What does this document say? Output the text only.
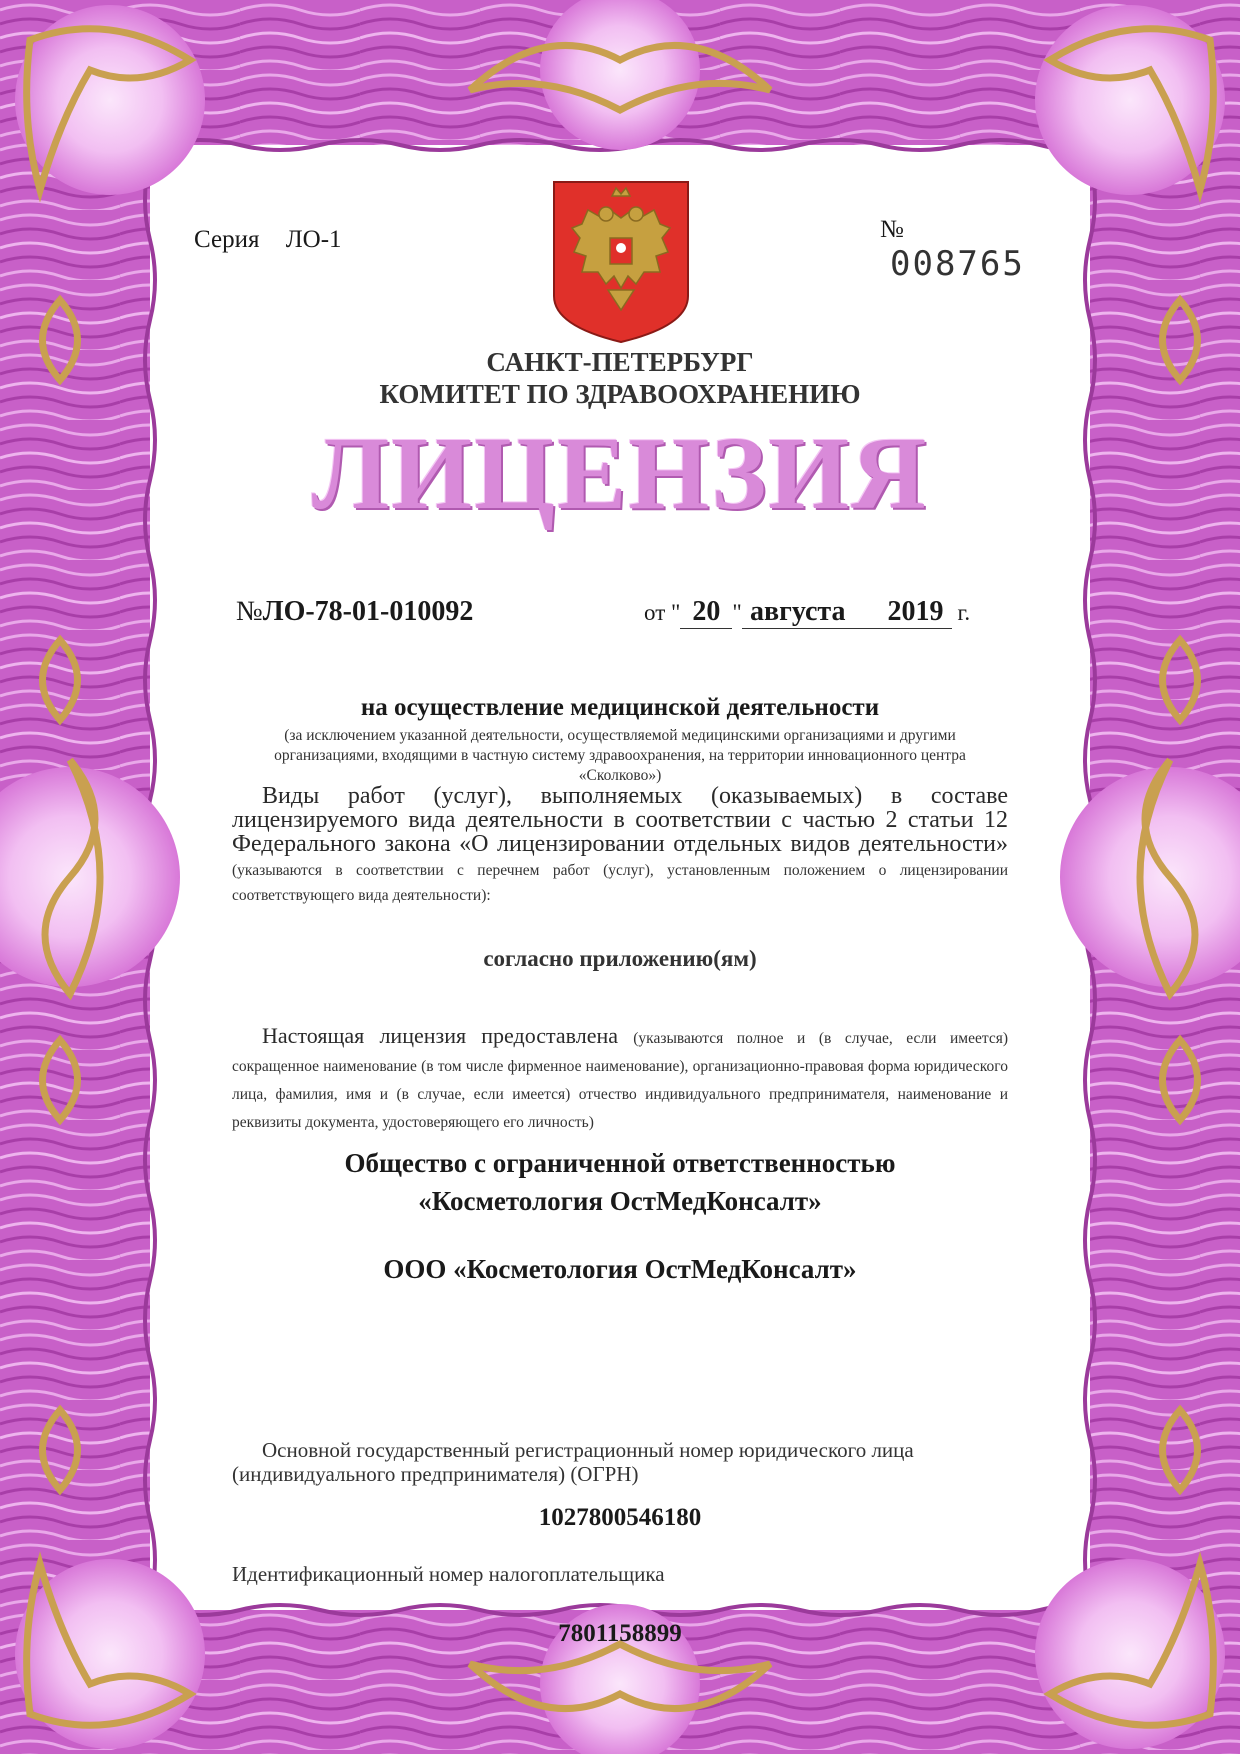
Серия ЛО-1	№ 008765
САНКТ-ПЕТЕРБУРГ
КОМИТЕТ ПО ЗДРАВООХРАНЕНИЮ
ЛИЦЕНЗИЯ
№ЛО-78-01-010092	от " 20 " августа 2019 г.
на осуществление медицинской деятельности
(за исключением указанной деятельности, осуществляемой медицинскими организациями и другими организациями, входящими в частную систему здравоохранения, на территории инновационного центра «Сколково»)
Виды работ (услуг), выполняемых (оказываемых) в составе лицензируемого вида деятельности в соответствии с частью 2 статьи 12 Федерального закона «О лицензировании отдельных видов деятельности» (указываются в соответствии с перечнем работ (услуг), установленным положением о лицензировании соответствующего вида деятельности):
согласно приложению(ям)
Настоящая лицензия предоставлена (указываются полное и (в случае, если имеется) сокращенное наименование (в том числе фирменное наименование), организационно-правовая форма юридического лица, фамилия, имя и (в случае, если имеется) отчество индивидуального предпринимателя, наименование и реквизиты документа, удостоверяющего его личность)
Общество с ограниченной ответственностью
«Косметология ОстМедКонсалт»
ООО «Косметология ОстМедКонсалт»
Основной государственный регистрационный номер юридического лица (индивидуального предпринимателя) (ОГРН)
1027800546180
Идентификационный номер налогоплательщика
7801158899
